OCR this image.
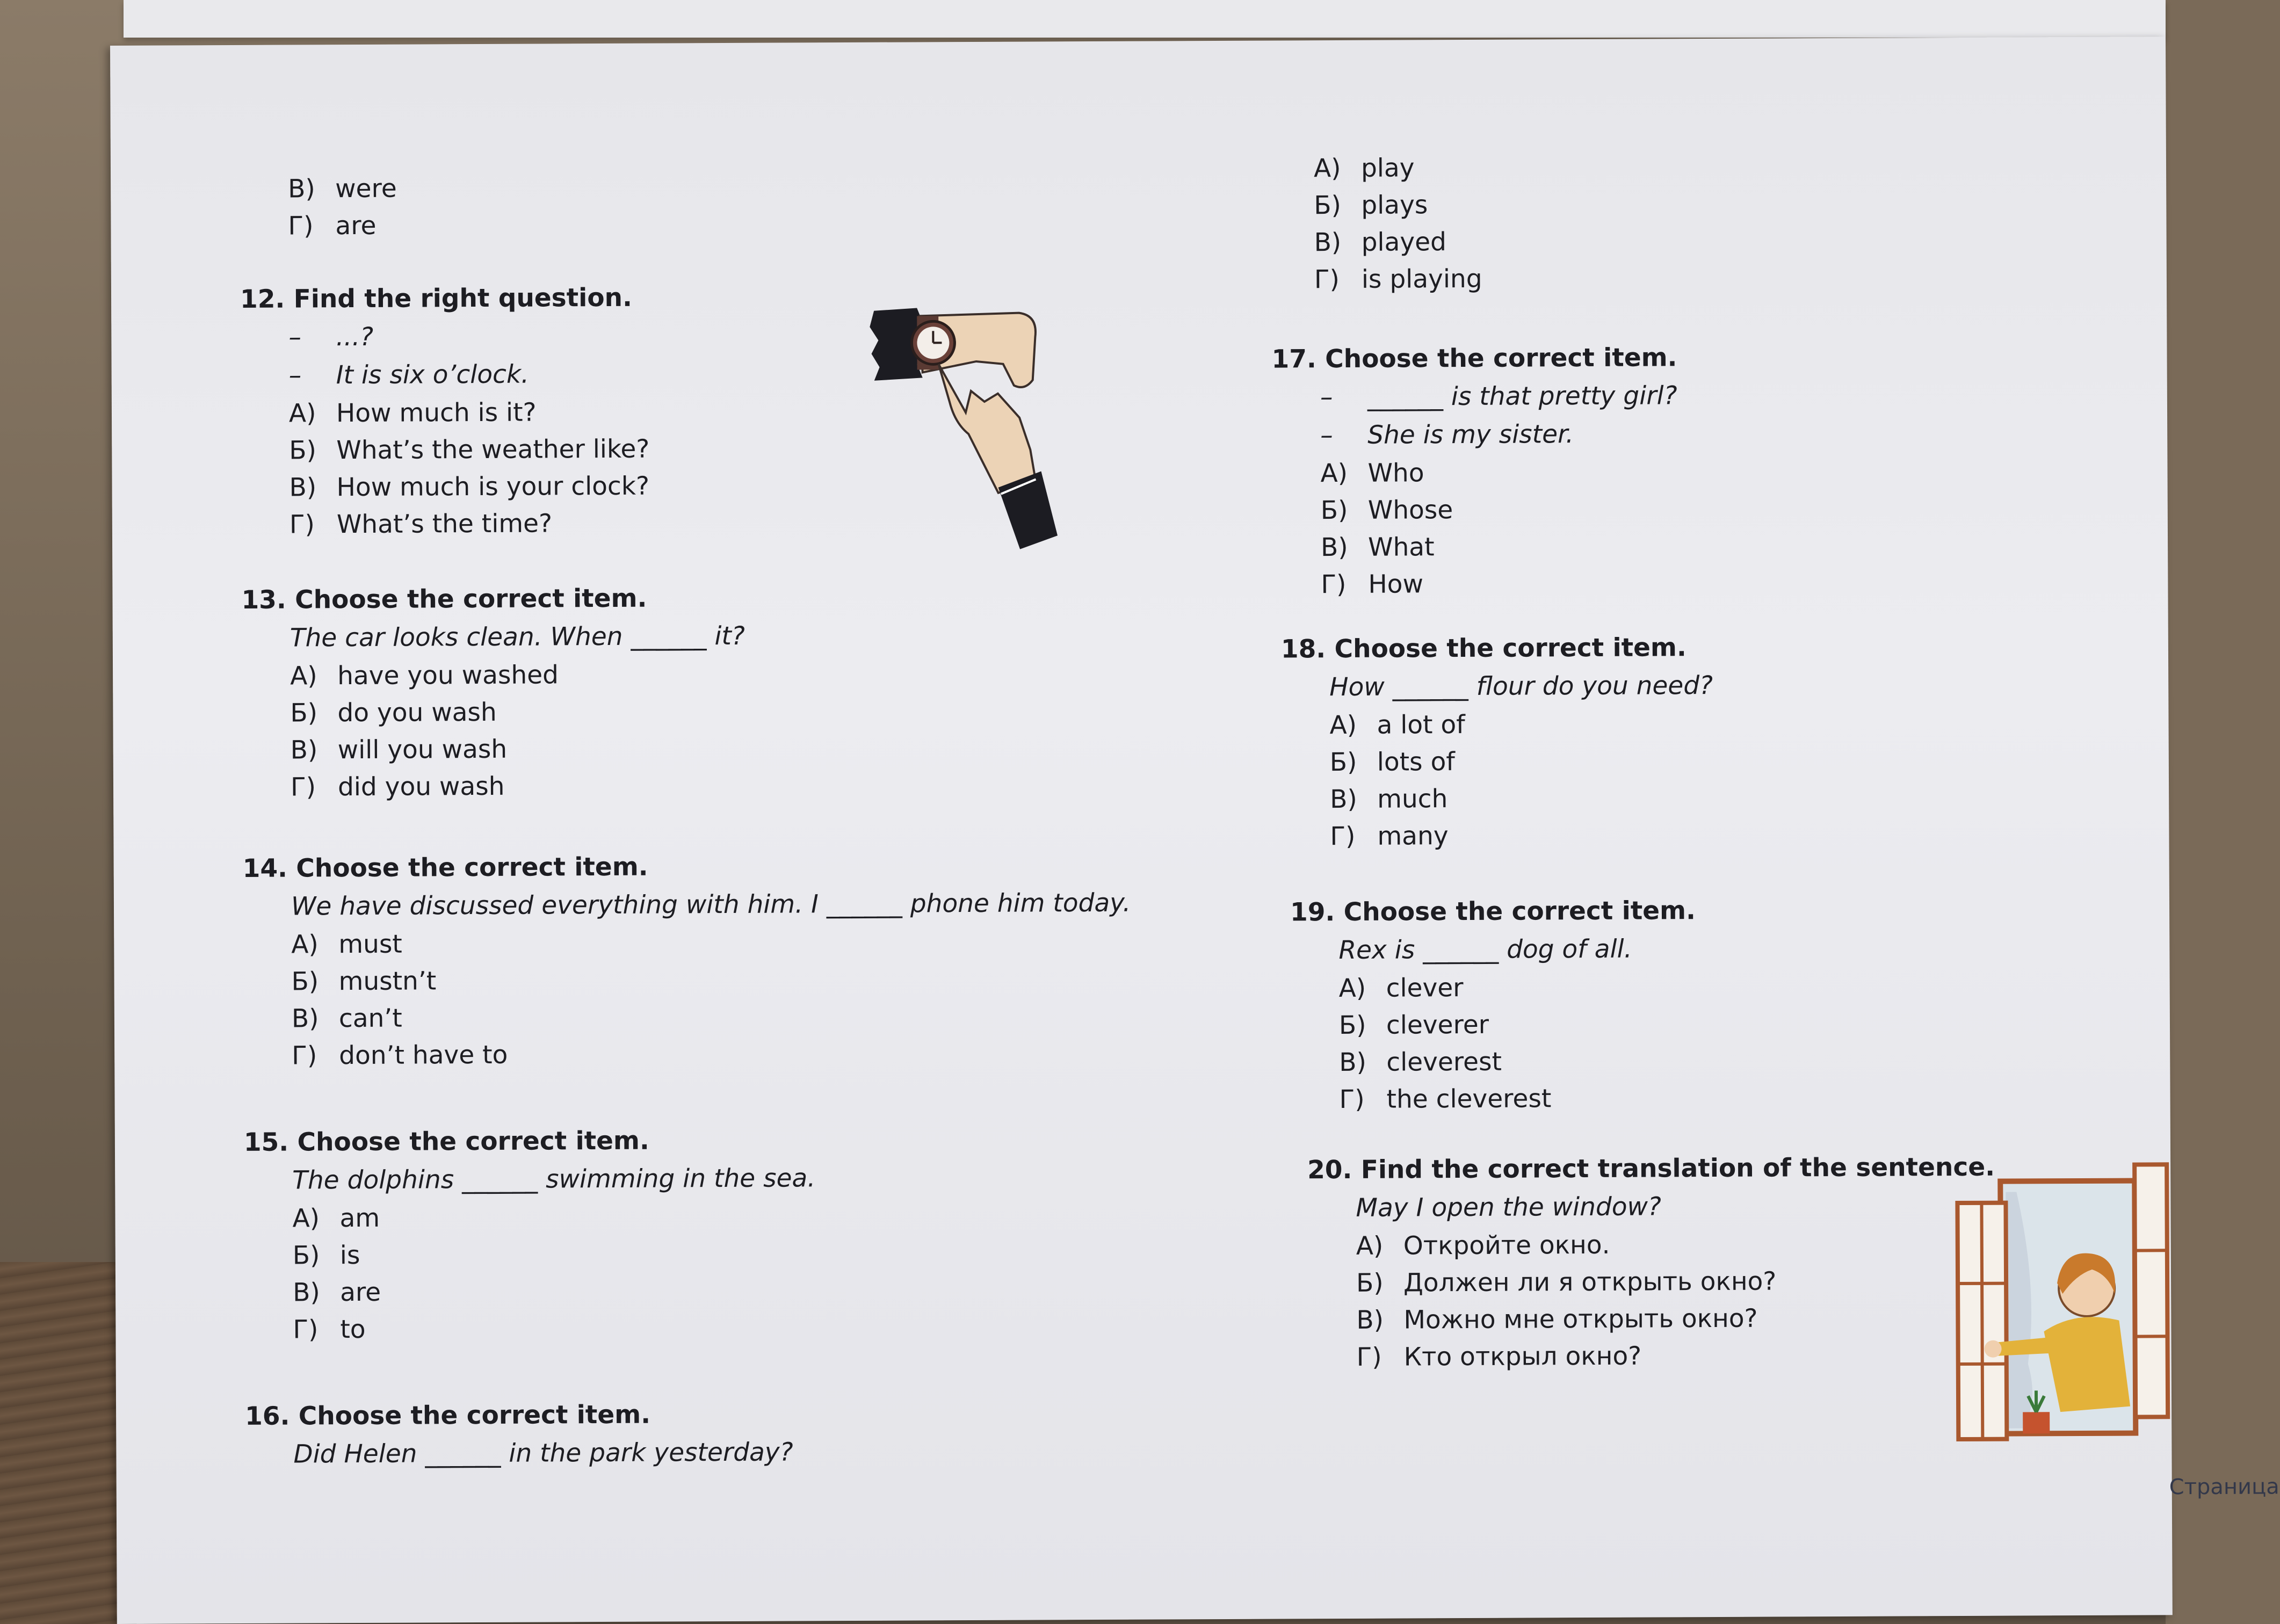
В) were
Г) are
12. Find the right question.
– ...?
– It is six o’clock.
А) How much is it?
Б) What’s the weather like?
В) How much is your clock?
Г) What’s the time?
13. Choose the correct item.
The car looks clean. When ______ it?
А) have you washed
Б) do you wash
В) will you wash
Г) did you wash
14. Choose the correct item.
We have discussed everything with him. I ______ phone him today.
А) must
Б) mustn’t
В) can’t
Г) don’t have to
15. Choose the correct item.
The dolphins ______ swimming in the sea.
А) am
Б) is
В) are
Г) to
16. Choose the correct item.
Did Helen ______ in the park yesterday?
А) play
Б) plays
В) played
Г) is playing
17. Choose the correct item.
– ______ is that pretty girl?
– She is my sister.
А) Who
Б) Whose
В) What
Г) How
18. Choose the correct item.
How ______ flour do you need?
А) a lot of
Б) lots of
В) much
Г) many
19. Choose the correct item.
Rex is ______ dog of all.
А) clever
Б) cleverer
В) cleverest
Г) the cleverest
20. Find the correct translation of the sentence.
May I open the window?
А) Откройте окно.
Б) Должен ли я открыть окно?
В) Можно мне открыть окно?
Г) Кто открыл окно?
Страница
